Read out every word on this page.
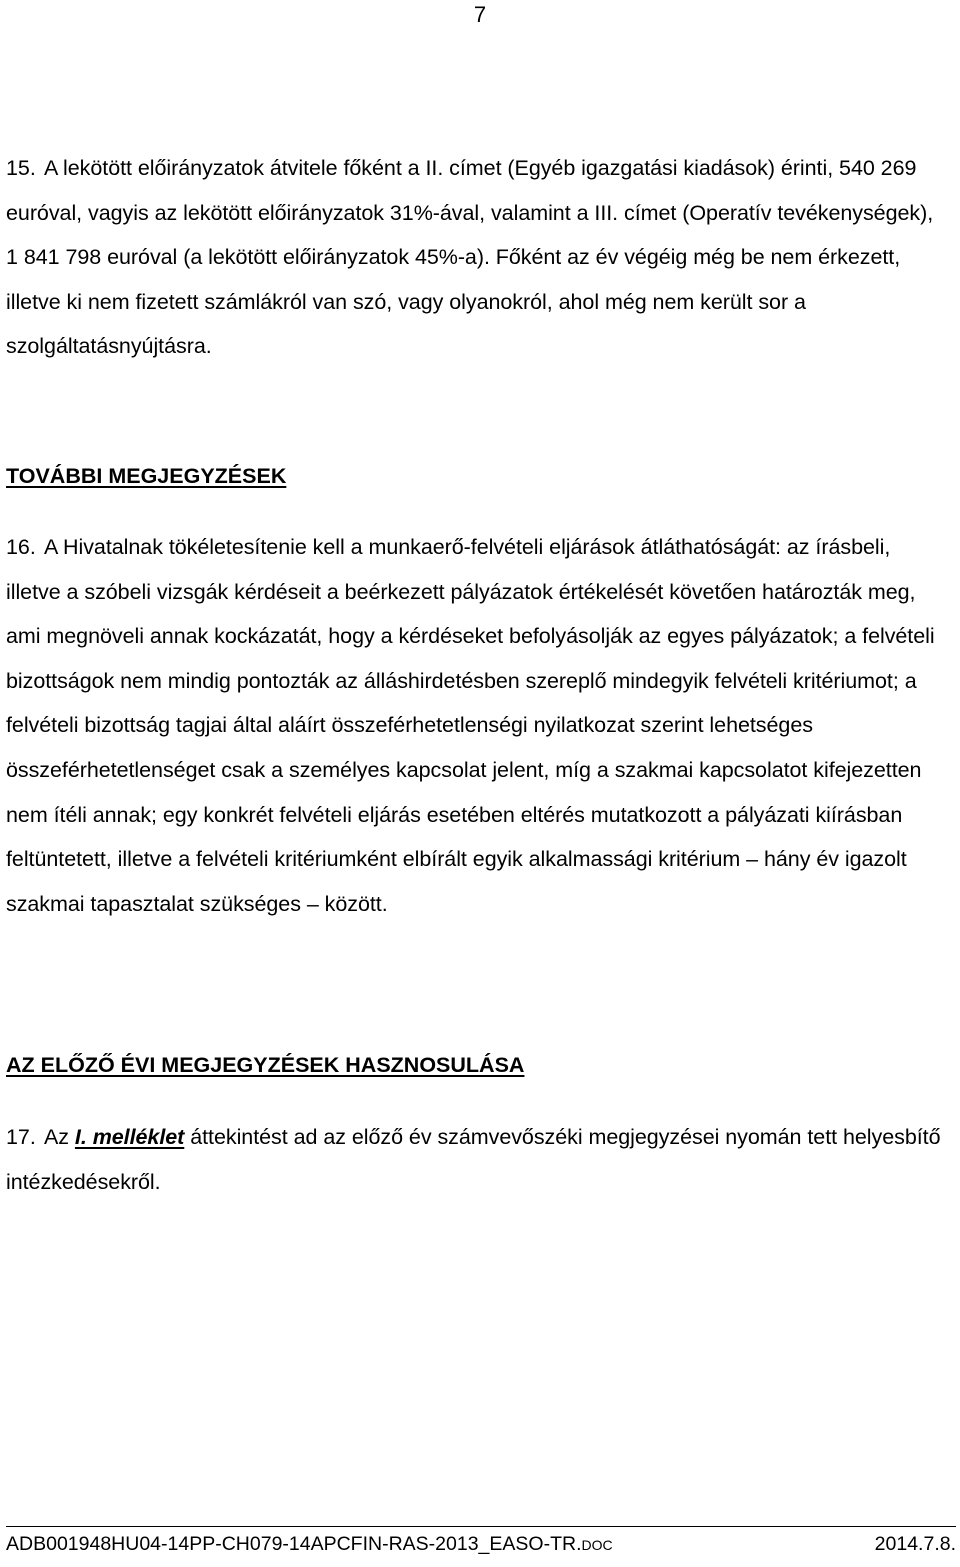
7
15. A lekötött előirányzatok átvitele főként a II. címet (Egyéb igazgatási kiadások) érinti, 540 269 euróval, vagyis az lekötött előirányzatok 31%-ával, valamint a III. címet (Operatív tevékenységek), 1 841 798 euróval (a lekötött előirányzatok 45%-a). Főként az év végéig még be nem érkezett, illetve ki nem fizetett számlákról van szó, vagy olyanokról, ahol még nem került sor a szolgáltatásnyújtásra.
TOVÁBBI MEGJEGYZÉSEK
16. A Hivatalnak tökéletesítenie kell a munkaerő-felvételi eljárások átláthatóságát: az írásbeli, illetve a szóbeli vizsgák kérdéseit a beérkezett pályázatok értékelését követően határozták meg, ami megnöveli annak kockázatát, hogy a kérdéseket befolyásolják az egyes pályázatok; a felvételi bizottságok nem mindig pontozták az álláshirdetésben szereplő mindegyik felvételi kritériumot; a felvételi bizottság tagjai által aláírt összeférhetetlenségi nyilatkozat szerint lehetséges összeférhetetlenséget csak a személyes kapcsolat jelent, míg a szakmai kapcsolatot kifejezetten nem ítéli annak; egy konkrét felvételi eljárás esetében eltérés mutatkozott a pályázati kiírásban feltüntetett, illetve a felvételi kritériumként elbírált egyik alkalmassági kritérium – hány év igazolt szakmai tapasztalat szükséges – között.
AZ ELŐZŐ ÉVI MEGJEGYZÉSEK HASZNOSULÁSA
17. Az I. melléklet áttekintést ad az előző év számvevőszéki megjegyzései nyomán tett helyesbítő intézkedésekről.
ADB001948HU04-14PP-CH079-14APCFIN-RAS-2013_EASO-TR.DOC	2014.7.8.
